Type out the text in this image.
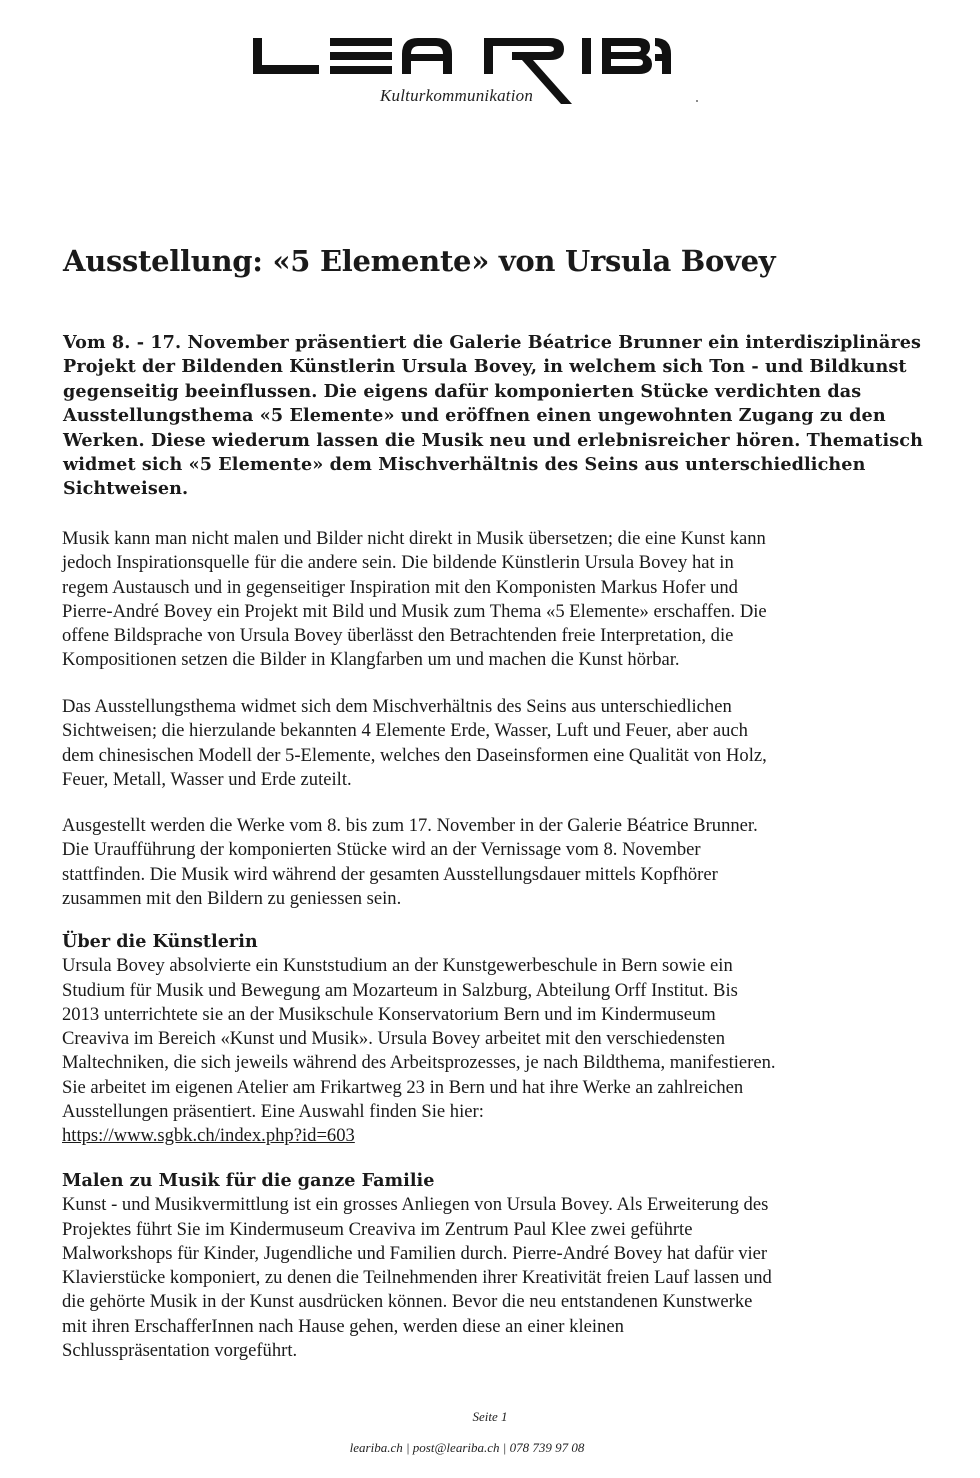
Kulturkommunikation
Ausstellung: «5 Elemente» von Ursula Bovey

Vom 8. - 17. November präsentiert die Galerie Béatrice Brunner ein interdisziplinäres
Projekt der Bildenden Künstlerin Ursula Bovey, in welchem sich Ton - und Bildkunst
gegenseitig beeinflussen. Die eigens dafür komponierten Stücke verdichten das
Ausstellungsthema «5 Elemente» und eröffnen einen ungewohnten Zugang zu den
Werken. Diese wiederum lassen die Musik neu und erlebnisreicher hören. Thematisch
widmet sich «5 Elemente» dem Mischverhältnis des Seins aus unterschiedlichen
Sichtweisen.

Musik kann man nicht malen und Bilder nicht direkt in Musik übersetzen; die eine Kunst kann
jedoch Inspirationsquelle für die andere sein. Die bildende Künstlerin Ursula Bovey hat in
regem Austausch und in gegenseitiger Inspiration mit den Komponisten Markus Hofer und
Pierre-André Bovey ein Projekt mit Bild und Musik zum Thema «5 Elemente» erschaffen. Die
offene Bildsprache von Ursula Bovey überlässt den Betrachtenden freie Interpretation, die
Kompositionen setzen die Bilder in Klangfarben um und machen die Kunst hörbar.

Das Ausstellungsthema widmet sich dem Mischverhältnis des Seins aus unterschiedlichen
Sichtweisen; die hierzulande bekannten 4 Elemente Erde, Wasser, Luft und Feuer, aber auch
dem chinesischen Modell der 5-Elemente, welches den Daseinsformen eine Qualität von Holz,
Feuer, Metall, Wasser und Erde zuteilt.

Ausgestellt werden die Werke vom 8. bis zum 17. November in der Galerie Béatrice Brunner.
Die Uraufführung der komponierten Stücke wird an der Vernissage vom 8. November
stattfinden. Die Musik wird während der gesamten Ausstellungsdauer mittels Kopfhörer
zusammen mit den Bildern zu geniessen sein.

Über die Künstlerin
Ursula Bovey absolvierte ein Kunststudium an der Kunstgewerbeschule in Bern sowie ein
Studium für Musik und Bewegung am Mozarteum in Salzburg, Abteilung Orff Institut. Bis
2013 unterrichtete sie an der Musikschule Konservatorium Bern und im Kindermuseum
Creaviva im Bereich «Kunst und Musik». Ursula Bovey arbeitet mit den verschiedensten
Maltechniken, die sich jeweils während des Arbeitsprozesses, je nach Bildthema, manifestieren.
Sie arbeitet im eigenen Atelier am Frikartweg 23 in Bern und hat ihre Werke an zahlreichen
Ausstellungen präsentiert. Eine Auswahl finden Sie hier:
https://www.sgbk.ch/index.php?id=603
Malen zu Musik für die ganze Familie
Kunst - und Musikvermittlung ist ein grosses Anliegen von Ursula Bovey. Als Erweiterung des
Projektes führt Sie im Kindermuseum Creaviva im Zentrum Paul Klee zwei geführte
Malworkshops für Kinder, Jugendliche und Familien durch. Pierre-André Bovey hat dafür vier
Klavierstücke komponiert, zu denen die Teilnehmenden ihrer Kreativität freien Lauf lassen und
die gehörte Musik in der Kunst ausdrücken können. Bevor die neu entstandenen Kunstwerke
mit ihren ErschafferInnen nach Hause gehen, werden diese an einer kleinen
Schlusspräsentation vorgeführt.
Seite 1
leariba.ch | post@leariba.ch | 078 739 97 08
